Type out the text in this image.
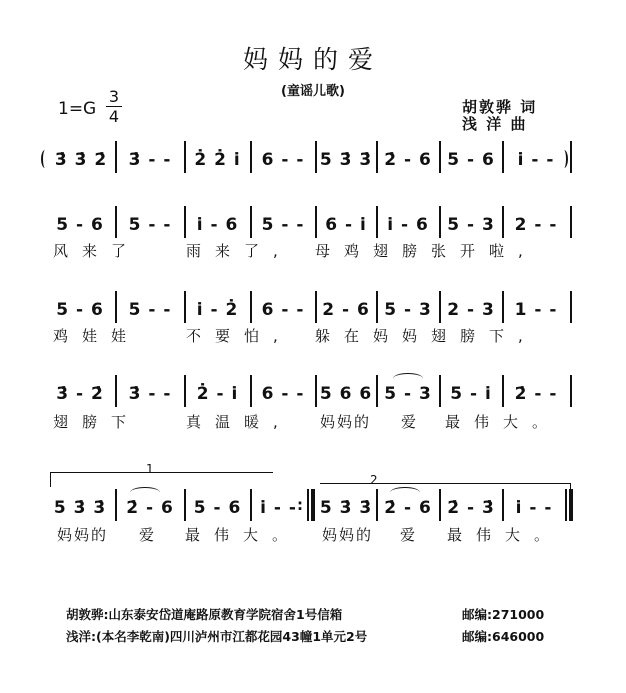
妈妈的爱
(童谣儿歌)
1=G
3
4	胡敦骅 词
浅 洋 曲
3̇ 3̇ 2̇	3̇ - -	2̇ 2̇ i̇	6 - - 5 3̇ 3̇ 2̇ - 6 5 - 6	i̇ - -
5 - 6	5 - -	i̇ - 6	5 - -	6 - i̇	i̇ - 6	5 - 3	2 - -
风来了	雨来了, 母鸡翅膀张开啦,
5 - 6	5 - -	i̇ - 2̇	6 - -	2 - 6 5 - 3 2 - 3	1 - -
鸡娃娃	不要怕, 躲在妈妈翅膀下,
3̇ - 2̇	3̇ - -	2̇ - i̇	6 - - 5 6 6 5 - 3	5 - i̇	2̇ - -
翅膀下	真温暖, 妈妈的 爱 最伟大。
1
2
5 3̇ 3̇	2̇ - 6	5 - 6	i̇ - - : 5 3̇ 3̇ 2̇ - 6 2̇ - 3̇	i̇ - -
妈妈的 爱 最伟大。 妈妈的 爱 最伟大。
胡敦骅:山东泰安岱道庵路原教育学院宿舍1号信箱	邮编:271000
浅洋:(本名李乾南)四川泸州市江都花园43幢1单元2号	邮编:646000
